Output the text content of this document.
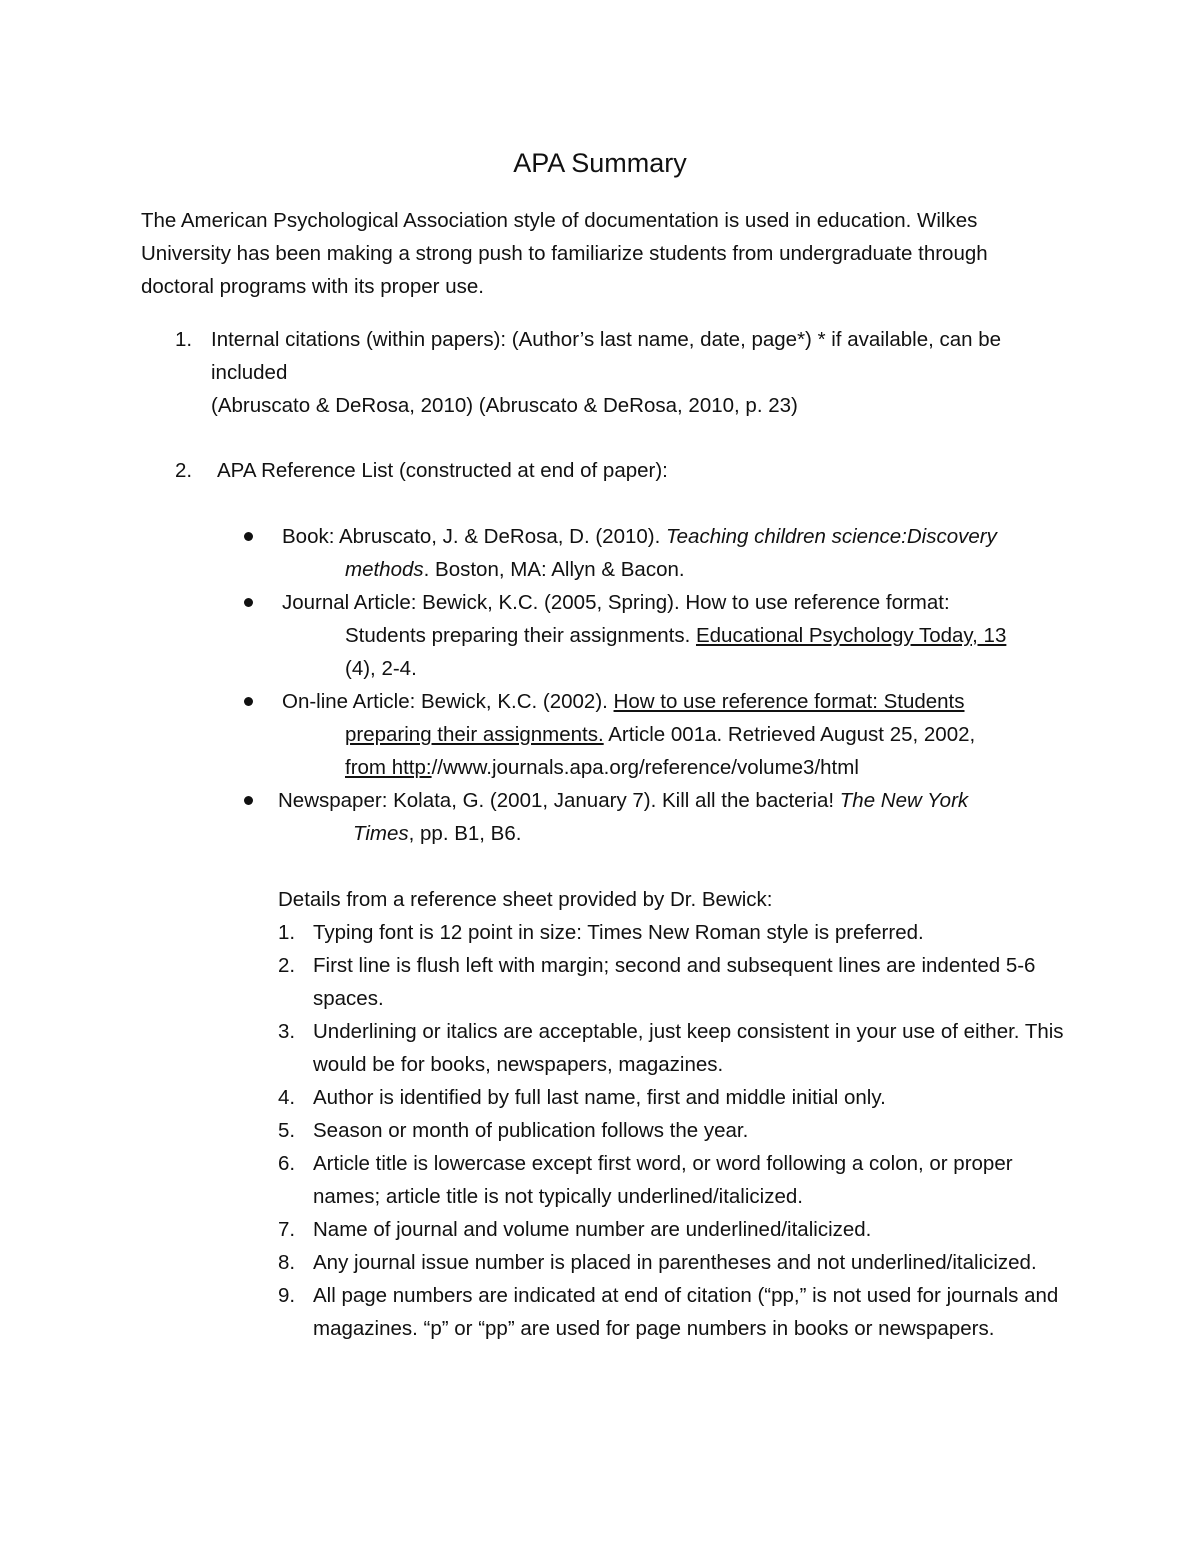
APA Summary
The American Psychological Association style of documentation is used in education. Wilkes University has been making a strong push to familiarize students from undergraduate through doctoral programs with its proper use.
1. Internal citations (within papers): (Author’s last name, date, page*) * if available, can be included
(Abruscato & DeRosa, 2010) (Abruscato & DeRosa, 2010, p. 23)
2.	APA Reference List (constructed at end of paper):
Book: Abruscato, J. & DeRosa, D. (2010). Teaching children science:Discovery
methods. Boston, MA: Allyn & Bacon.
Journal Article: Bewick, K.C. (2005, Spring). How to use reference format:
Students preparing their assignments. Educational Psychology Today, 13
(4), 2-4.
On-line Article: Bewick, K.C. (2002). How to use reference format: Students
preparing their assignments. Article 001a. Retrieved August 25, 2002,
from http://www.journals.apa.org/reference/volume3/html
Newspaper: Kolata, G. (2001, January 7). Kill all the bacteria! The New York
Times, pp. B1, B6.
Details from a reference sheet provided by Dr. Bewick:
1. Typing font is 12 point in size: Times New Roman style is preferred.
2. First line is flush left with margin; second and subsequent lines are indented 5-6 spaces.
3. Underlining or italics are acceptable, just keep consistent in your use of either. This would be for books, newspapers, magazines.
4. Author is identified by full last name, first and middle initial only.
5. Season or month of publication follows the year.
6. Article title is lowercase except first word, or word following a colon, or proper names; article title is not typically underlined/italicized.
7. Name of journal and volume number are underlined/italicized.
8. Any journal issue number is placed in parentheses and not underlined/italicized.
9. All page numbers are indicated at end of citation (“pp,” is not used for journals and magazines. “p” or “pp” are used for page numbers in books or newspapers.
